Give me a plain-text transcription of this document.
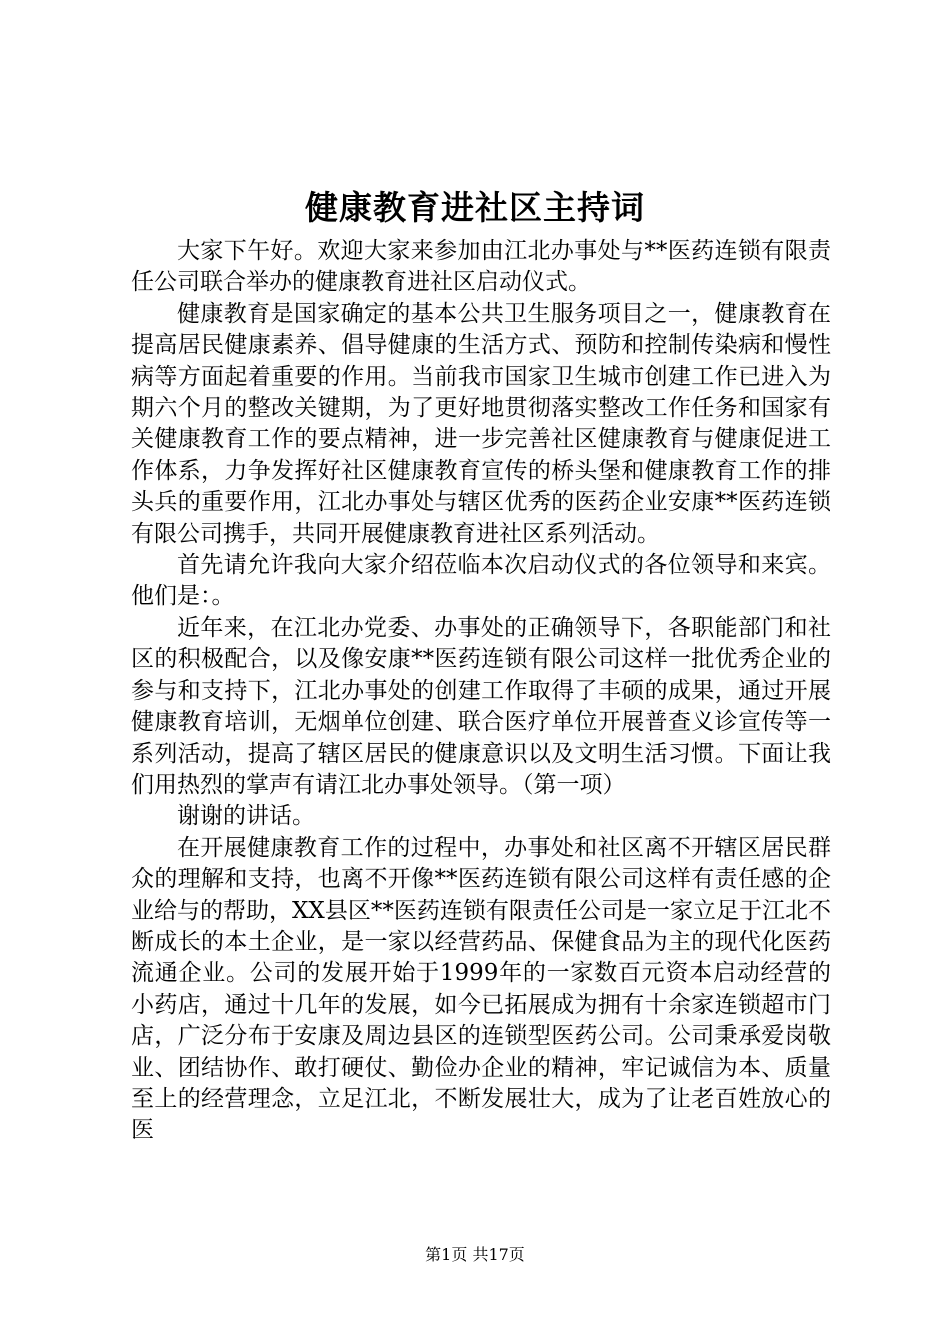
健康教育进社区主持词

大家下午好。欢迎大家来参加由江北办事处与**医药连锁有限责任公司联合举办的健康教育进社区启动仪式。

健康教育是国家确定的基本公共卫生服务项目之一，健康教育在提高居民健康素养、倡导健康的生活方式、预防和控制传染病和慢性病等方面起着重要的作用。当前我市国家卫生城市创建工作已进入为期六个月的整改关键期，为了更好地贯彻落实整改工作任务和国家有关健康教育工作的要点精神，进一步完善社区健康教育与健康促进工作体系，力争发挥好社区健康教育宣传的桥头堡和健康教育工作的排头兵的重要作用，江北办事处与辖区优秀的医药企业安康**医药连锁有限公司携手，共同开展健康教育进社区系列活动。

首先请允许我向大家介绍莅临本次启动仪式的各位领导和来宾。他们是：。

近年来，在江北办党委、办事处的正确领导下，各职能部门和社区的积极配合，以及像安康**医药连锁有限公司这样一批优秀企业的参与和支持下，江北办事处的创建工作取得了丰硕的成果，通过开展健康教育培训，无烟单位创建、联合医疗单位开展普查义诊宣传等一系列活动，提高了辖区居民的健康意识以及文明生活习惯。下面让我们用热烈的掌声有请江北办事处领导。（第一项）

谢谢的讲话。

在开展健康教育工作的过程中，办事处和社区离不开辖区居民群众的理解和支持，也离不开像**医药连锁有限公司这样有责任感的企业给与的帮助，XX县区**医药连锁有限责任公司是一家立足于江北不断成长的本土企业，是一家以经营药品、保健食品为主的现代化医药流通企业。公司的发展开始于1999年的一家数百元资本启动经营的小药店，通过十几年的发展，如今已拓展成为拥有十余家连锁超市门店，广泛分布于安康及周边县区的连锁型医药公司。公司秉承爱岗敬业、团结协作、敢打硬仗、勤俭办企业的精神，牢记诚信为本、质量至上的经营理念，立足江北，不断发展壮大，成为了让老百姓放心的医

第1页 共17页
